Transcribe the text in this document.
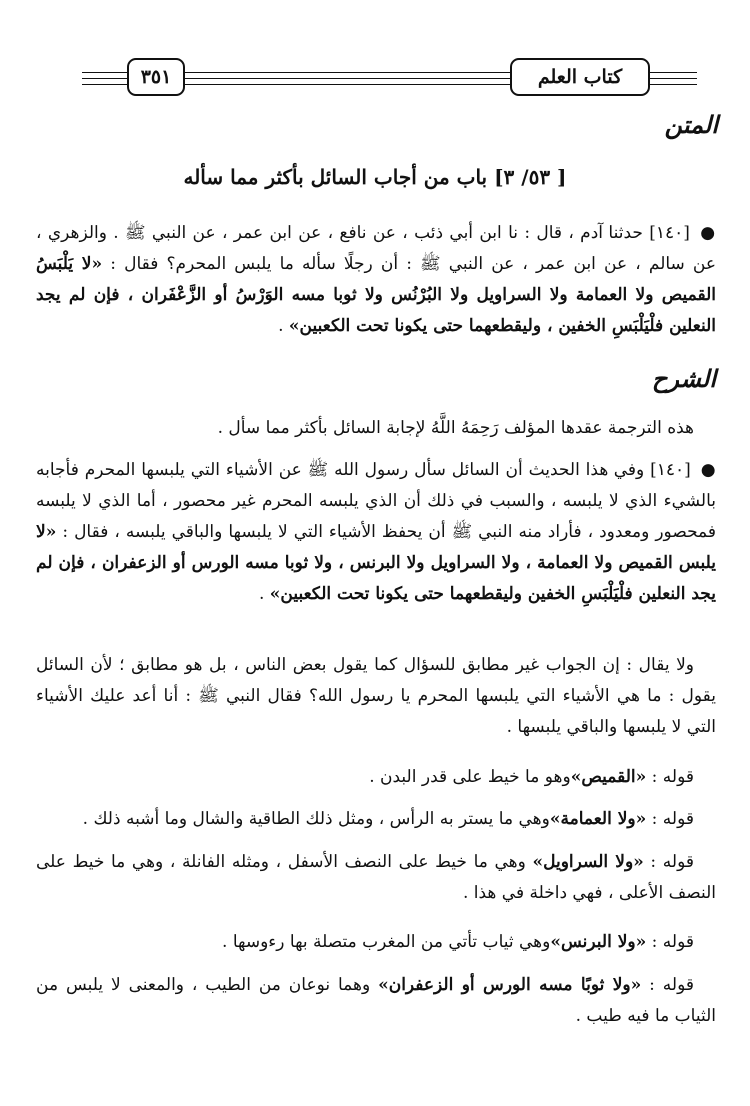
٣٥١	كتاب العلم
المتن
[ ٥٣/ ٣] باب من أجاب السائل بأكثر مما سأله
● [١٤٠] حدثنا آدم ، قال : نا ابن أبي ذئب ، عن نافع ، عن ابن عمر ، عن النبي ﷺ . والزهري ، عن سالم ، عن ابن عمر ، عن النبي ﷺ : أن رجلًا سأله ما يلبس المحرم؟ فقال : «لا يَلْبَسُ القميص ولا العمامة ولا السراويل ولا البُرْنُس ولا ثوبا مسه الوَرْسُ أو الزَّعْفَران ، فإن لم يجد النعلين فلْيَلْبَسِ الخفين ، وليقطعهما حتى يكونا تحت الكعبين» .
الشرح
هذه الترجمة عقدها المؤلف رَحِمَهُ اللَّهُ لإجابة السائل بأكثر مما سأل .
● [١٤٠] وفي هذا الحديث أن السائل سأل رسول الله ﷺ عن الأشياء التي يلبسها المحرم فأجابه بالشيء الذي لا يلبسه ، والسبب في ذلك أن الذي يلبسه المحرم غير محصور ، أما الذي لا يلبسه فمحصور ومعدود ، فأراد منه النبي ﷺ أن يحفظ الأشياء التي لا يلبسها والباقي يلبسه ، فقال : «لا يلبس القميص ولا العمامة ، ولا السراويل ولا البرنس ، ولا ثوبا مسه الورس أو الزعفران ، فإن لم يجد النعلين فلْيَلْبَسِ الخفين وليقطعهما حتى يكونا تحت الكعبين» .
ولا يقال : إن الجواب غير مطابق للسؤال كما يقول بعض الناس ، بل هو مطابق ؛ لأن السائل يقول : ما هي الأشياء التي يلبسها المحرم يا رسول الله؟ فقال النبي ﷺ : أنا أعد عليك الأشياء التي لا يلبسها والباقي يلبسها .
قوله : «القميص»وهو ما خيط على قدر البدن .
قوله : «ولا العمامة»وهي ما يستر به الرأس ، ومثل ذلك الطاقية والشال وما أشبه ذلك .
قوله : «ولا السراويل» وهي ما خيط على النصف الأسفل ، ومثله الفانلة ، وهي ما خيط على النصف الأعلى ، فهي داخلة في هذا .
قوله : «ولا البرنس»وهي ثياب تأتي من المغرب متصلة بها رءوسها .
قوله : «ولا ثوبًا مسه الورس أو الزعفران» وهما نوعان من الطيب ، والمعنى لا يلبس من الثياب ما فيه طيب .
